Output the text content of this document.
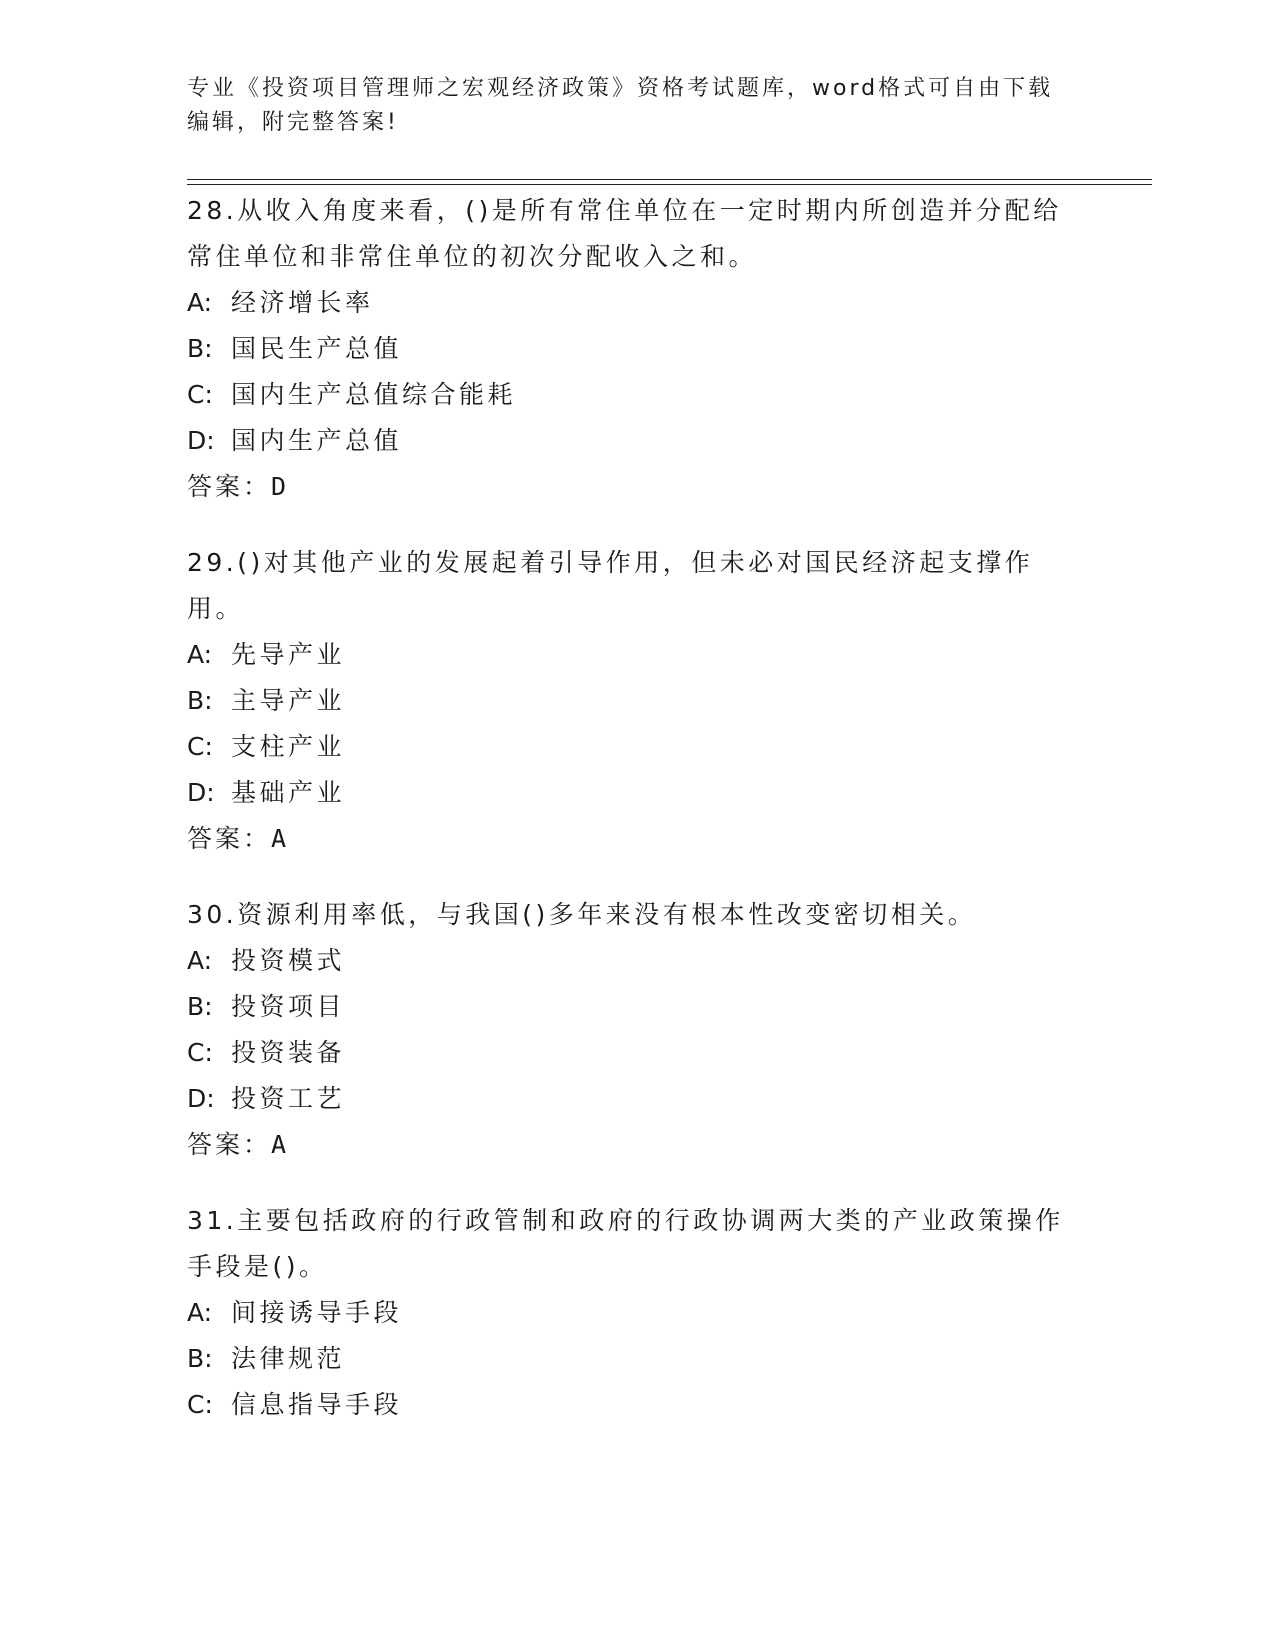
专业《投资项目管理师之宏观经济政策》资格考试题库，word格式可自由下载编辑，附完整答案!

28.从收入角度来看，()是所有常住单位在一定时期内所创造并分配给常住单位和非常住单位的初次分配收入之和。

A: 经济增长率

B: 国民生产总值

C: 国内生产总值综合能耗

D: 国内生产总值

答案：D

29.()对其他产业的发展起着引导作用，但未必对国民经济起支撑作用。

A: 先导产业

B: 主导产业

C: 支柱产业

D: 基础产业

答案：A

30.资源利用率低，与我国()多年来没有根本性改变密切相关。

A: 投资模式

B: 投资项目

C: 投资装备

D: 投资工艺

答案：A

31.主要包括政府的行政管制和政府的行政协调两大类的产业政策操作手段是()。

A: 间接诱导手段

B: 法律规范

C: 信息指导手段
